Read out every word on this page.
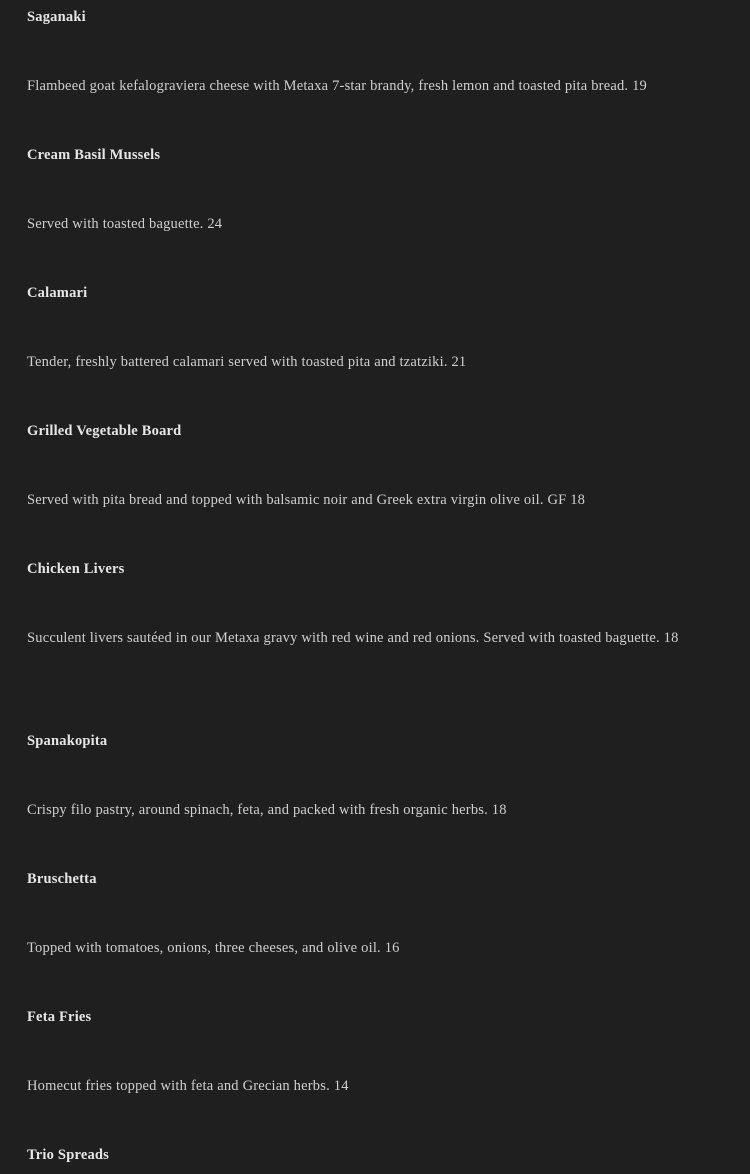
Saganaki
Flambeed goat kefalograviera cheese with Metaxa 7-star brandy, fresh lemon and toasted pita bread. 19
Cream Basil Mussels
Served with toasted baguette. 24
Calamari
Tender, freshly battered calamari served with toasted pita and tzatziki. 21
Grilled Vegetable Board
Served with pita bread and topped with balsamic noir and Greek extra virgin olive oil. GF 18
Chicken Livers
Succulent livers sautéed in our Metaxa gravy with red wine and red onions. Served with toasted baguette. 18
Spanakopita
Crispy filo pastry, around spinach, feta, and packed with fresh organic herbs. 18
Bruschetta
Topped with tomatoes, onions, three cheeses, and olive oil. 16
Feta Fries
Homecut fries topped with feta and Grecian herbs. 14
Trio Spreads
